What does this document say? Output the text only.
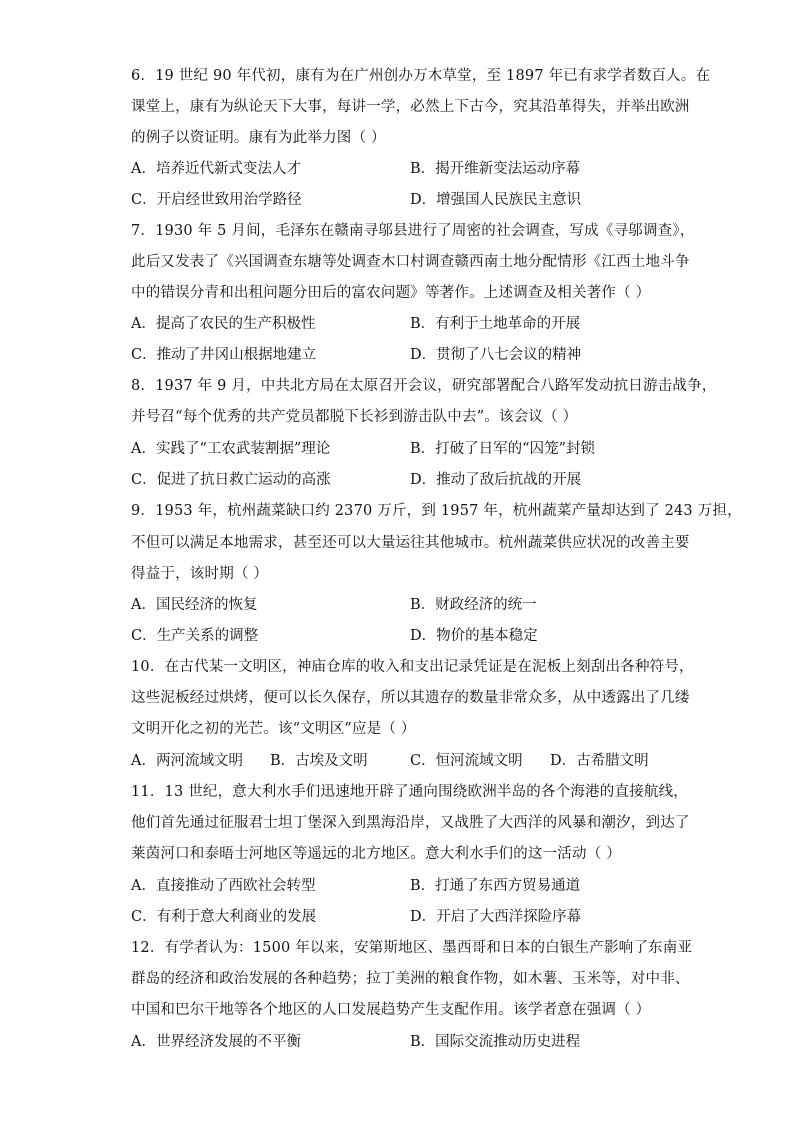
6．19 世纪 90 年代初，康有为在广州创办万木草堂，至 1897 年已有求学者数百人。在
课堂上，康有为纵论天下大事，每讲一学，必然上下古今，究其沿革得失，并举出欧洲
的例子以资证明。康有为此举力图（ ）
A．培养近代新式变法人才	B．揭开维新变法运动序幕
C．开启经世致用治学路径	D．增强国人民族民主意识
7．1930 年 5 月间，毛泽东在赣南寻邬县进行了周密的社会调查，写成《寻邬调查》，
此后又发表了《兴国调查东塘等处调查木口村调查赣西南土地分配情形《江西土地斗争
中的错误分青和出租问题分田后的富农问题》等著作。上述调查及相关著作（ ）
A．提高了农民的生产积极性	B．有利于土地革命的开展
C．推动了井冈山根据地建立	D．贯彻了八七会议的精神
8．1937 年 9 月，中共北方局在太原召开会议，研究部署配合八路军发动抗日游击战争，
并号召“每个优秀的共产党员都脱下长衫到游击队中去”。该会议（ ）
A．实践了“工农武装割据”理论	B．打破了日军的“囚笼”封锁
C．促进了抗日救亡运动的高涨	D．推动了敌后抗战的开展
9．1953 年，杭州蔬菜缺口约 2370 万斤，到 1957 年，杭州蔬菜产量却达到了 243 万担，
不但可以满足本地需求，甚至还可以大量运往其他城市。杭州蔬菜供应状况的改善主要
得益于，该时期（ ）
A．国民经济的恢复	B．财政经济的统一
C．生产关系的调整	D．物价的基本稳定
10．在古代某一文明区，神庙仓库的收入和支出记录凭证是在泥板上刻刮出各种符号，
这些泥板经过烘烤，便可以长久保存，所以其遗存的数量非常众多，从中透露出了几缕
文明开化之初的光芒。该“文明区”应是（ ）
A．两河流域文明 B．古埃及文明	C．恒河流域文明 D．古希腊文明
11．13 世纪，意大利水手们迅速地开辟了通向围绕欧洲半岛的各个海港的直接航线，
他们首先通过征服君士坦丁堡深入到黑海沿岸，又战胜了大西洋的风暴和潮汐，到达了
莱茵河口和泰晤士河地区等遥远的北方地区。意大利水手们的这一活动（ ）
A．直接推动了西欧社会转型	B．打通了东西方贸易通道
C．有利于意大利商业的发展	D．开启了大西洋探险序幕
12．有学者认为：1500 年以来，安第斯地区、墨西哥和日本的白银生产影响了东南亚
群岛的经济和政治发展的各种趋势；拉丁美洲的粮食作物，如木薯、玉米等，对中非、
中国和巴尔干地等各个地区的人口发展趋势产生支配作用。该学者意在强调（ ）
A．世界经济发展的不平衡	B．国际交流推动历史进程
